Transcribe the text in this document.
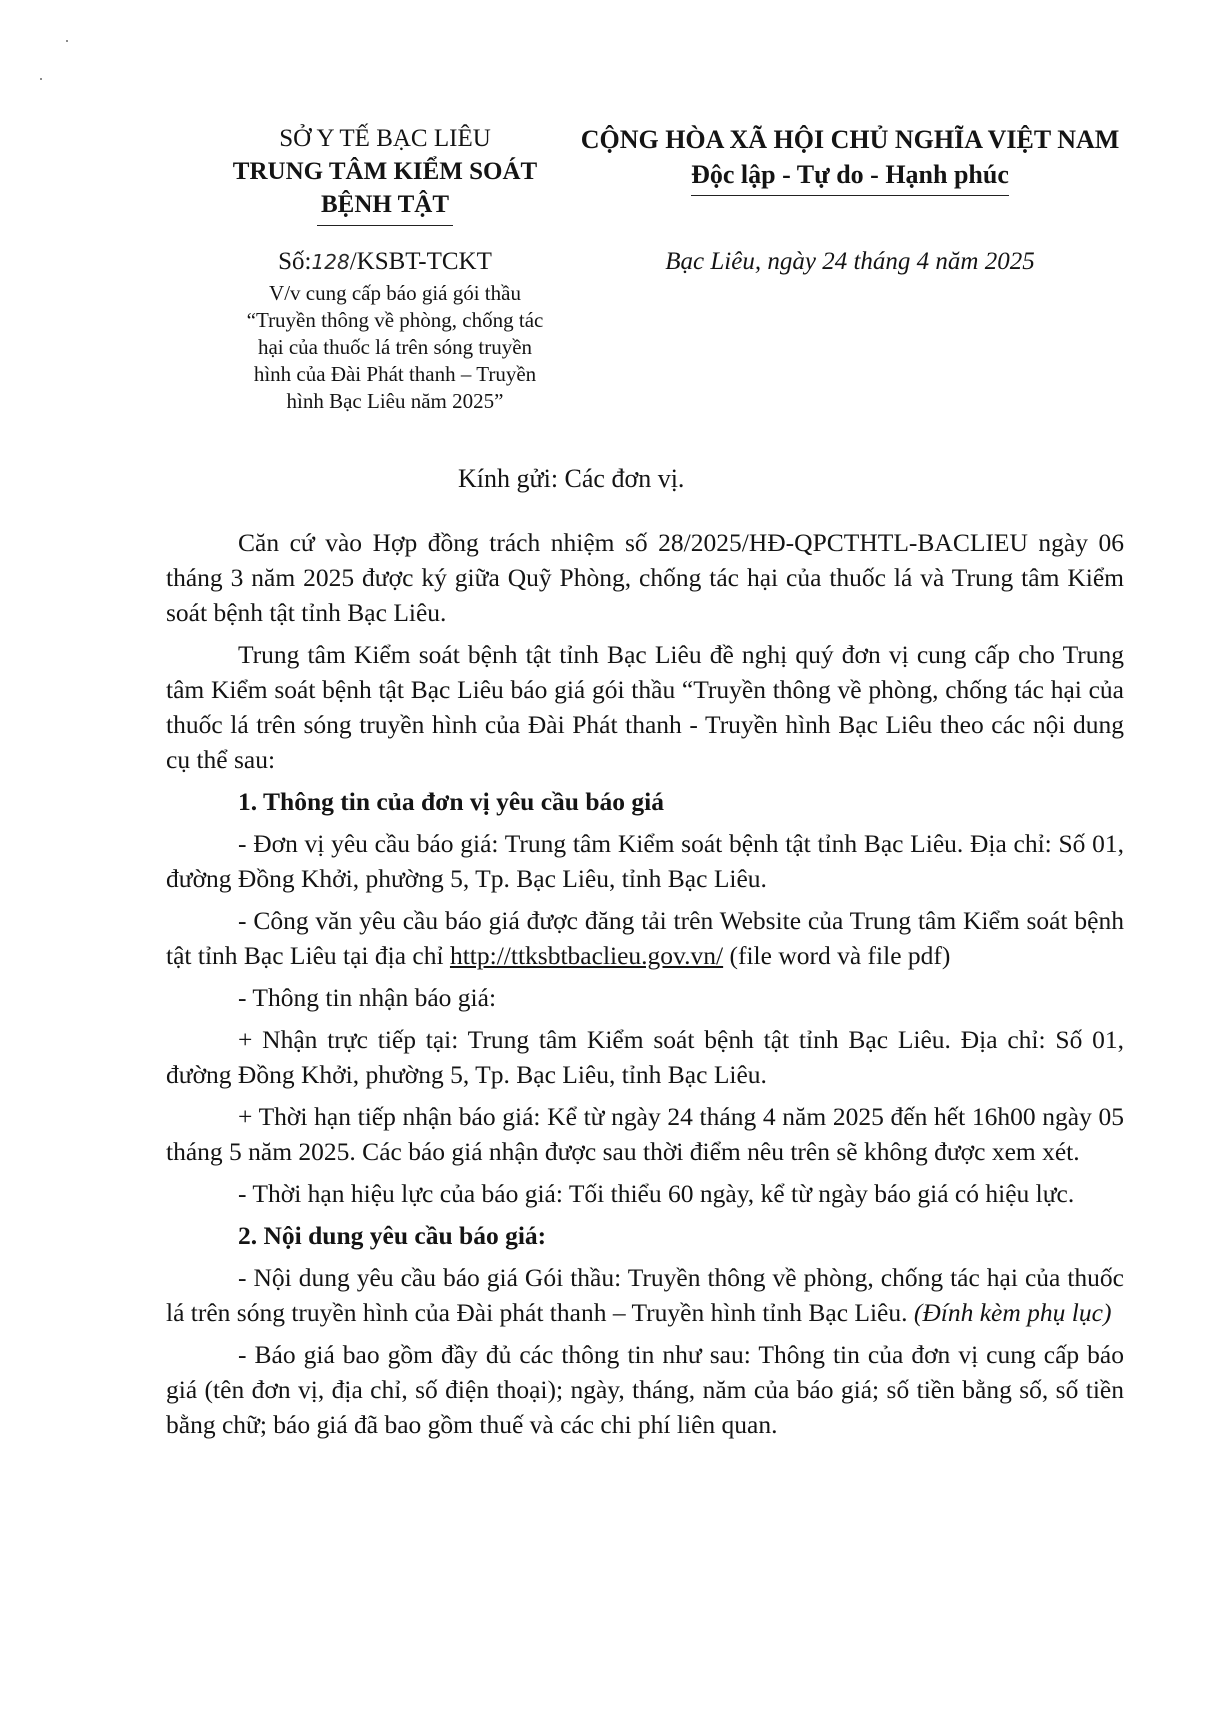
SỞ Y TẾ BẠC LIÊU
TRUNG TÂM KIỂM SOÁT
BỆNH TẬT
CỘNG HÒA XÃ HỘI CHỦ NGHĨA VIỆT NAM
Độc lập - Tự do - Hạnh phúc
Số:128/KSBT-TCKT
V/v cung cấp báo giá gói thầu
“Truyền thông về phòng, chống tác
hại của thuốc lá trên sóng truyền
hình của Đài Phát thanh – Truyền
hình Bạc Liêu năm 2025”
Bạc Liêu, ngày 24 tháng 4 năm 2025
Kính gửi: Các đơn vị.

Căn cứ vào Hợp đồng trách nhiệm số 28/2025/HĐ-QPCTHTL-BACLIEU ngày 06 tháng 3 năm 2025 được ký giữa Quỹ Phòng, chống tác hại của thuốc lá và Trung tâm Kiểm soát bệnh tật tỉnh Bạc Liêu.

Trung tâm Kiểm soát bệnh tật tỉnh Bạc Liêu đề nghị quý đơn vị cung cấp cho Trung tâm Kiểm soát bệnh tật Bạc Liêu báo giá gói thầu “Truyền thông về phòng, chống tác hại của thuốc lá trên sóng truyền hình của Đài Phát thanh - Truyền hình Bạc Liêu theo các nội dung cụ thể sau:

1. Thông tin của đơn vị yêu cầu báo giá

- Đơn vị yêu cầu báo giá: Trung tâm Kiểm soát bệnh tật tỉnh Bạc Liêu. Địa chỉ: Số 01, đường Đồng Khởi, phường 5, Tp. Bạc Liêu, tỉnh Bạc Liêu.

- Công văn yêu cầu báo giá được đăng tải trên Website của Trung tâm Kiểm soát bệnh tật tỉnh Bạc Liêu tại địa chỉ http://ttksbtbaclieu.gov.vn/ (file word và file pdf)

- Thông tin nhận báo giá:

+ Nhận trực tiếp tại: Trung tâm Kiểm soát bệnh tật tỉnh Bạc Liêu. Địa chỉ: Số 01, đường Đồng Khởi, phường 5, Tp. Bạc Liêu, tỉnh Bạc Liêu.

+ Thời hạn tiếp nhận báo giá: Kể từ ngày 24 tháng 4 năm 2025 đến hết 16h00 ngày 05 tháng 5 năm 2025. Các báo giá nhận được sau thời điểm nêu trên sẽ không được xem xét.

- Thời hạn hiệu lực của báo giá: Tối thiểu 60 ngày, kể từ ngày báo giá có hiệu lực.

2. Nội dung yêu cầu báo giá:

- Nội dung yêu cầu báo giá Gói thầu: Truyền thông về phòng, chống tác hại của thuốc lá trên sóng truyền hình của Đài phát thanh – Truyền hình tỉnh Bạc Liêu. (Đính kèm phụ lục)

- Báo giá bao gồm đầy đủ các thông tin như sau: Thông tin của đơn vị cung cấp báo giá (tên đơn vị, địa chỉ, số điện thoại); ngày, tháng, năm của báo giá; số tiền bằng số, số tiền bằng chữ; báo giá đã bao gồm thuế và các chi phí liên quan.
